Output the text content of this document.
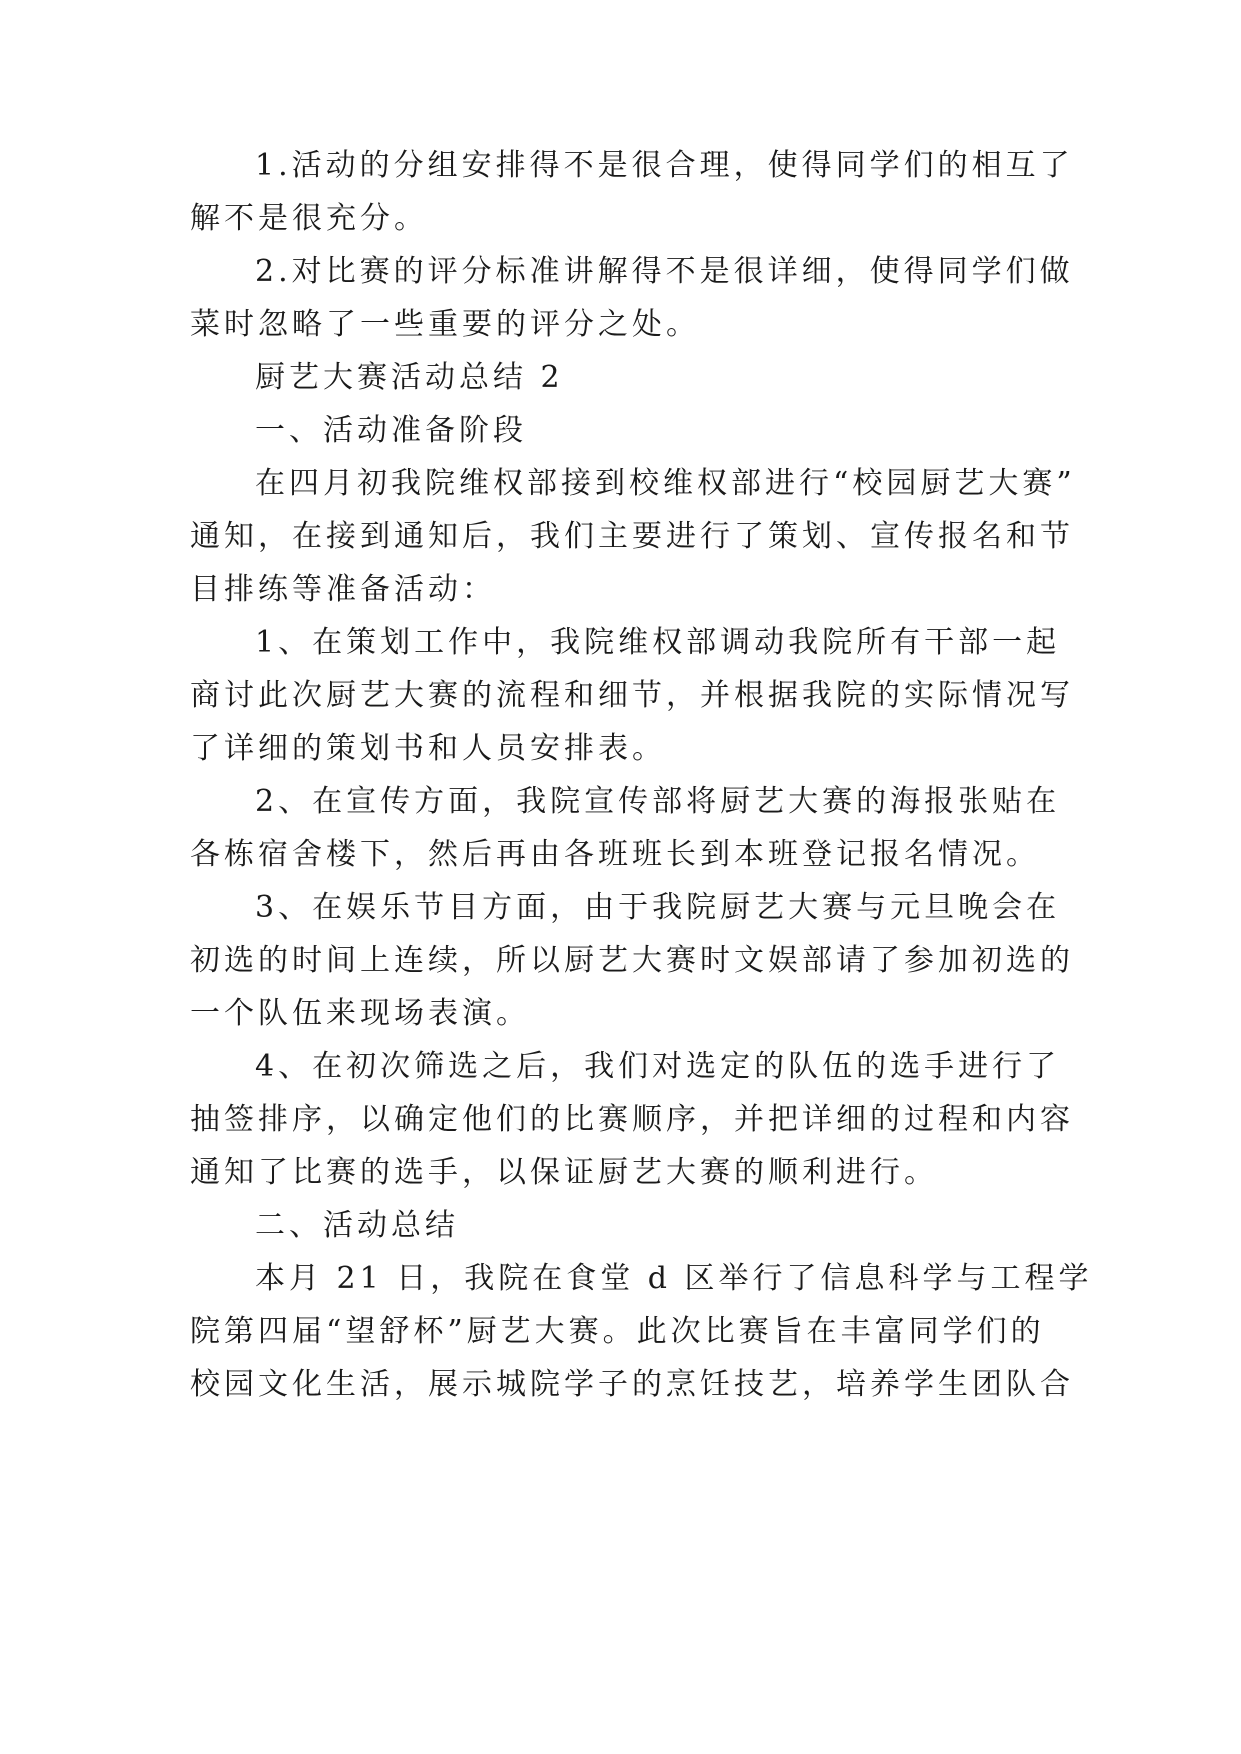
1.活动的分组安排得不是很合理，使得同学们的相互了
解不是很充分。
2.对比赛的评分标准讲解得不是很详细，使得同学们做
菜时忽略了一些重要的评分之处。
厨艺大赛活动总结 2
一、活动准备阶段
在四月初我院维权部接到校维权部进行“校园厨艺大赛”
通知，在接到通知后，我们主要进行了策划、宣传报名和节
目排练等准备活动：
1、在策划工作中，我院维权部调动我院所有干部一起
商讨此次厨艺大赛的流程和细节，并根据我院的实际情况写
了详细的策划书和人员安排表。
2、在宣传方面，我院宣传部将厨艺大赛的海报张贴在
各栋宿舍楼下，然后再由各班班长到本班登记报名情况。
3、在娱乐节目方面，由于我院厨艺大赛与元旦晚会在
初选的时间上连续，所以厨艺大赛时文娱部请了参加初选的
一个队伍来现场表演。
4、在初次筛选之后，我们对选定的队伍的选手进行了
抽签排序，以确定他们的比赛顺序，并把详细的过程和内容
通知了比赛的选手，以保证厨艺大赛的顺利进行。
二、活动总结
本月 21 日，我院在食堂 d 区举行了信息科学与工程学
院第四届“望舒杯”厨艺大赛。此次比赛旨在丰富同学们的
校园文化生活，展示城院学子的烹饪技艺，培养学生团队合
